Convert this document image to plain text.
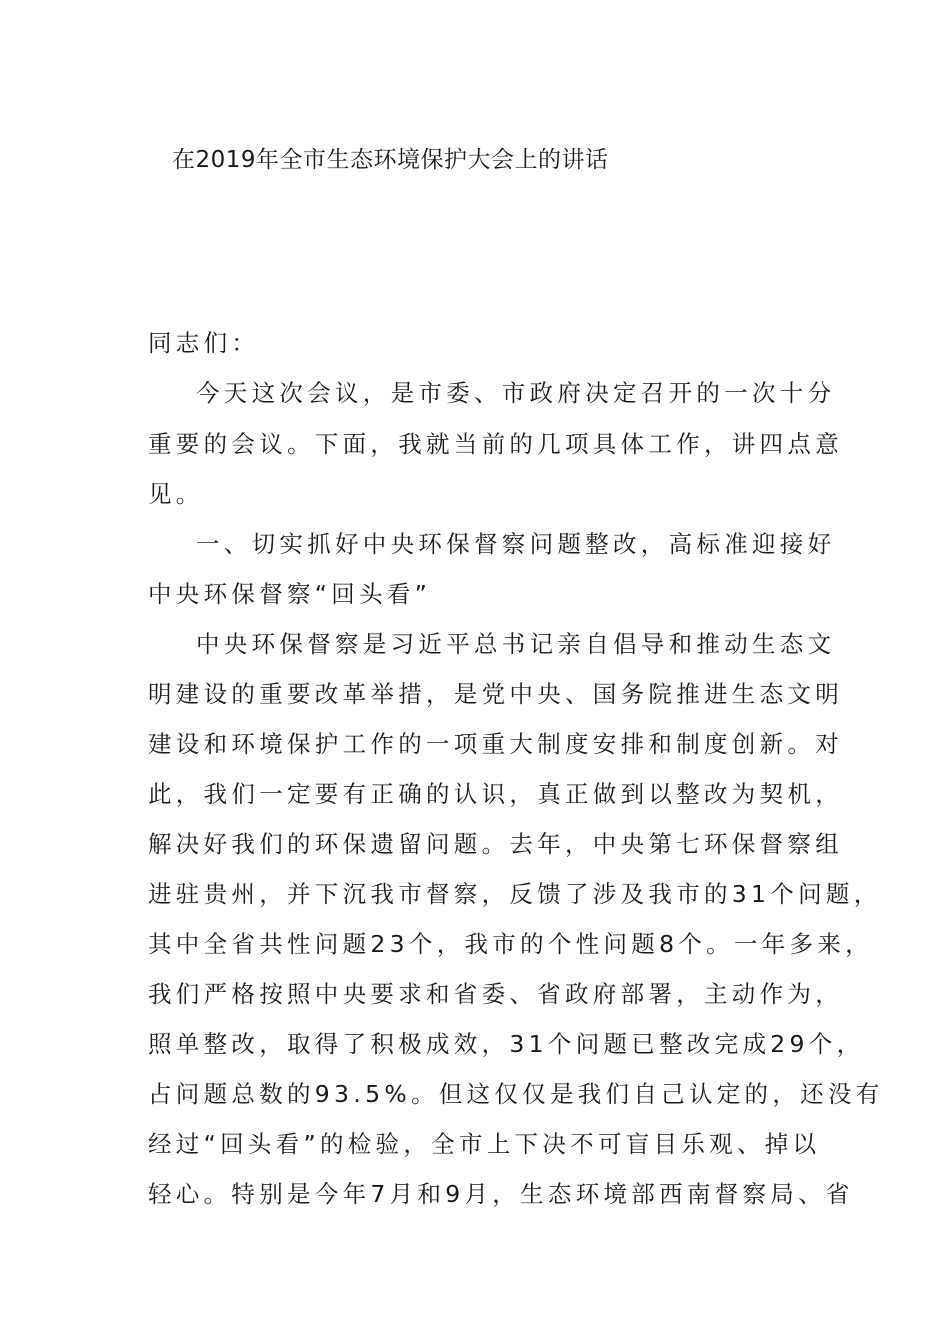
在2019年全市生态环境保护大会上的讲话
同志们：
今天这次会议，是市委、市政府决定召开的一次十分
重要的会议。下面，我就当前的几项具体工作，讲四点意
见。
一、切实抓好中央环保督察问题整改，高标准迎接好
中央环保督察“回头看”
中央环保督察是习近平总书记亲自倡导和推动生态文
明建设的重要改革举措，是党中央、国务院推进生态文明
建设和环境保护工作的一项重大制度安排和制度创新。对
此，我们一定要有正确的认识，真正做到以整改为契机，
解决好我们的环保遗留问题。去年，中央第七环保督察组
进驻贵州，并下沉我市督察，反馈了涉及我市的31个问题，
其中全省共性问题23个，我市的个性问题8个。一年多来，
我们严格按照中央要求和省委、省政府部署，主动作为，
照单整改，取得了积极成效，31个问题已整改完成29个，
占问题总数的93.5%。但这仅仅是我们自己认定的，还没有
经过“回头看”的检验，全市上下决不可盲目乐观、掉以
轻心。特别是今年7月和9月，生态环境部西南督察局、省
